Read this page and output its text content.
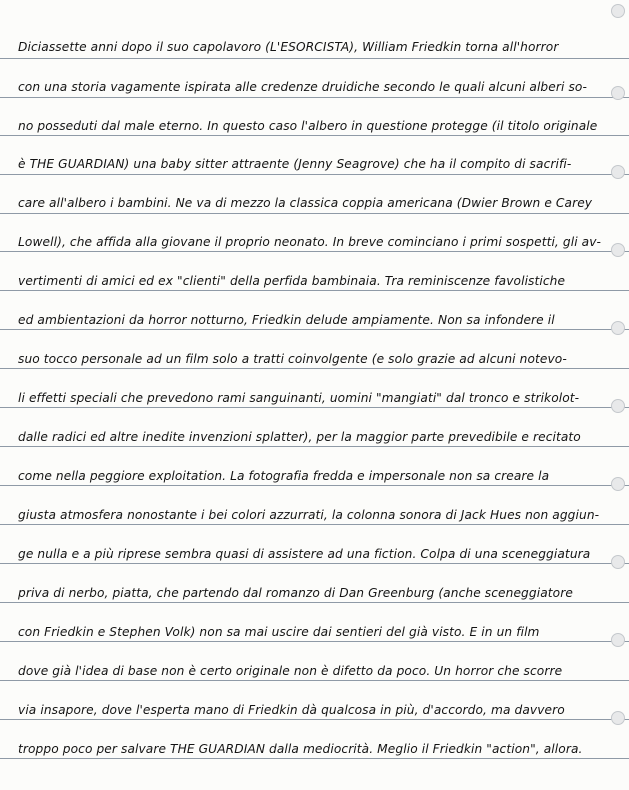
Diciassette anni dopo il suo capolavoro (L'ESORCISTA), William Friedkin torna all'horror
con una storia vagamente ispirata alle credenze druidiche secondo le quali alcuni alberi so-
no posseduti dal male eterno. In questo caso l'albero in questione protegge (il titolo originale
è THE GUARDIAN) una baby sitter attraente (Jenny Seagrove) che ha il compito di sacrifi-
care all'albero i bambini. Ne va di mezzo la classica coppia americana (Dwier Brown e Carey
Lowell), che affida alla giovane il proprio neonato. In breve cominciano i primi sospetti, gli av-
vertimenti di amici ed ex "clienti" della perfida bambinaia. Tra reminiscenze favolistiche
ed ambientazioni da horror notturno, Friedkin delude ampiamente. Non sa infondere il
suo tocco personale ad un film solo a tratti coinvolgente (e solo grazie ad alcuni notevo-
li effetti speciali che prevedono rami sanguinanti, uomini "mangiati" dal tronco e strikolot-
dalle radici ed altre inedite invenzioni splatter), per la maggior parte prevedibile e recitato
come nella peggiore exploitation. La fotografia fredda e impersonale non sa creare la
giusta atmosfera nonostante i bei colori azzurrati, la colonna sonora di Jack Hues non aggiun-
ge nulla e a più riprese sembra quasi di assistere ad una fiction. Colpa di una sceneggiatura
priva di nerbo, piatta, che partendo dal romanzo di Dan Greenburg (anche sceneggiatore
con Friedkin e Stephen Volk) non sa mai uscire dai sentieri del già visto. E in un film
dove già l'idea di base non è certo originale non è difetto da poco. Un horror che scorre
via insapore, dove l'esperta mano di Friedkin dà qualcosa in più, d'accordo, ma davvero
troppo poco per salvare THE GUARDIAN dalla mediocrità. Meglio il Friedkin "action", allora.
